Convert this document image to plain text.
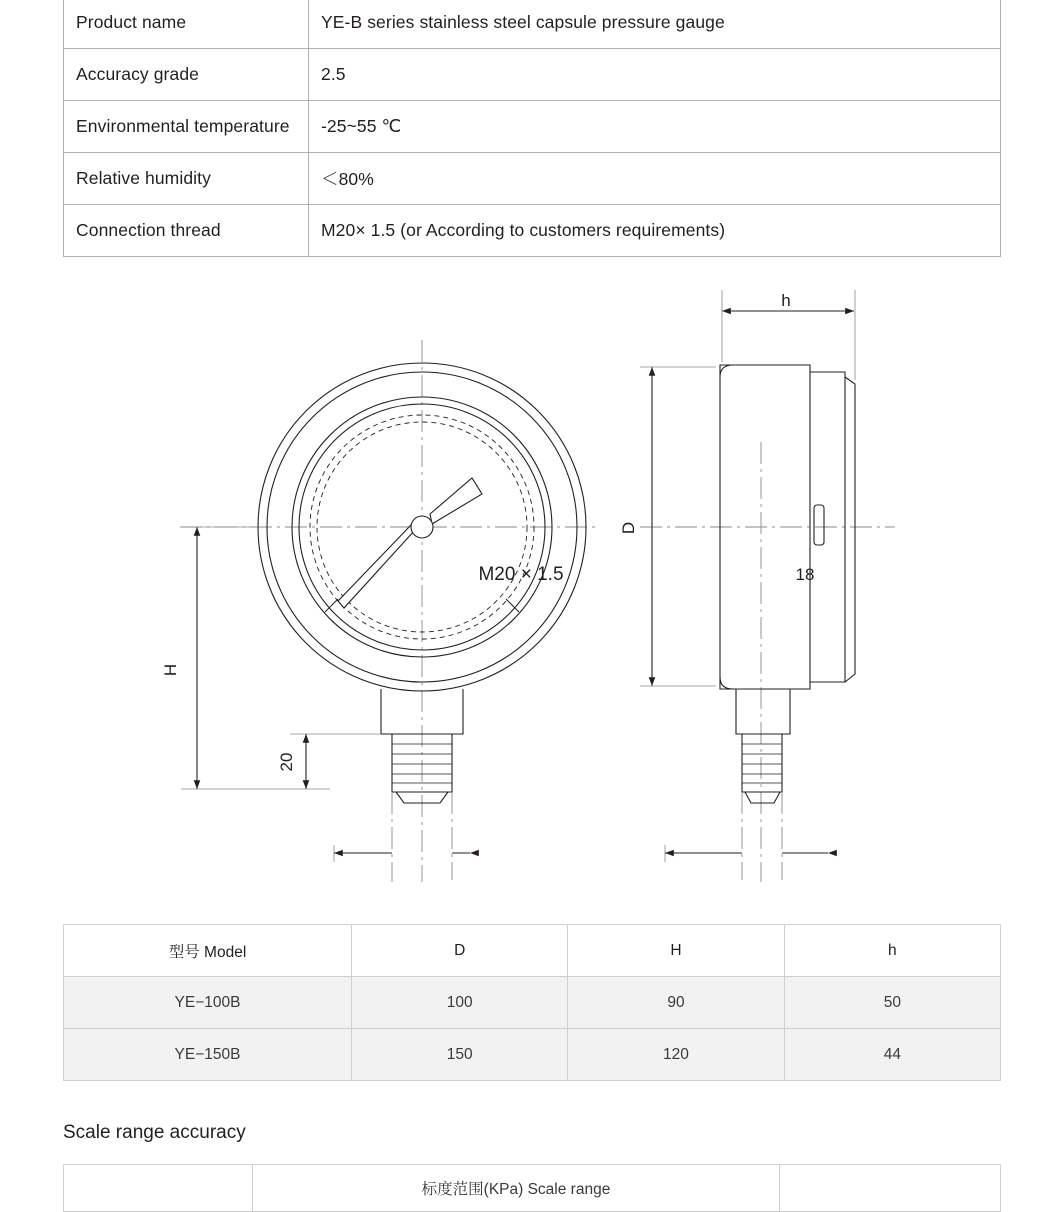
Product name	YE-B series stainless steel capsule pressure gauge
Accuracy grade	2.5
Environmental temperature	-25~55 ℃
Relative humidity	＜80%
Connection thread	M20× 1.5 (or According to customers requirements)
h
D
H
20
M20 × 1.5	18
型号 Model	D	H	h
YE−100B	100	90	50
YE−150B	150	120	44
Scale range accuracy
	标度范围(KPa) Scale range	
